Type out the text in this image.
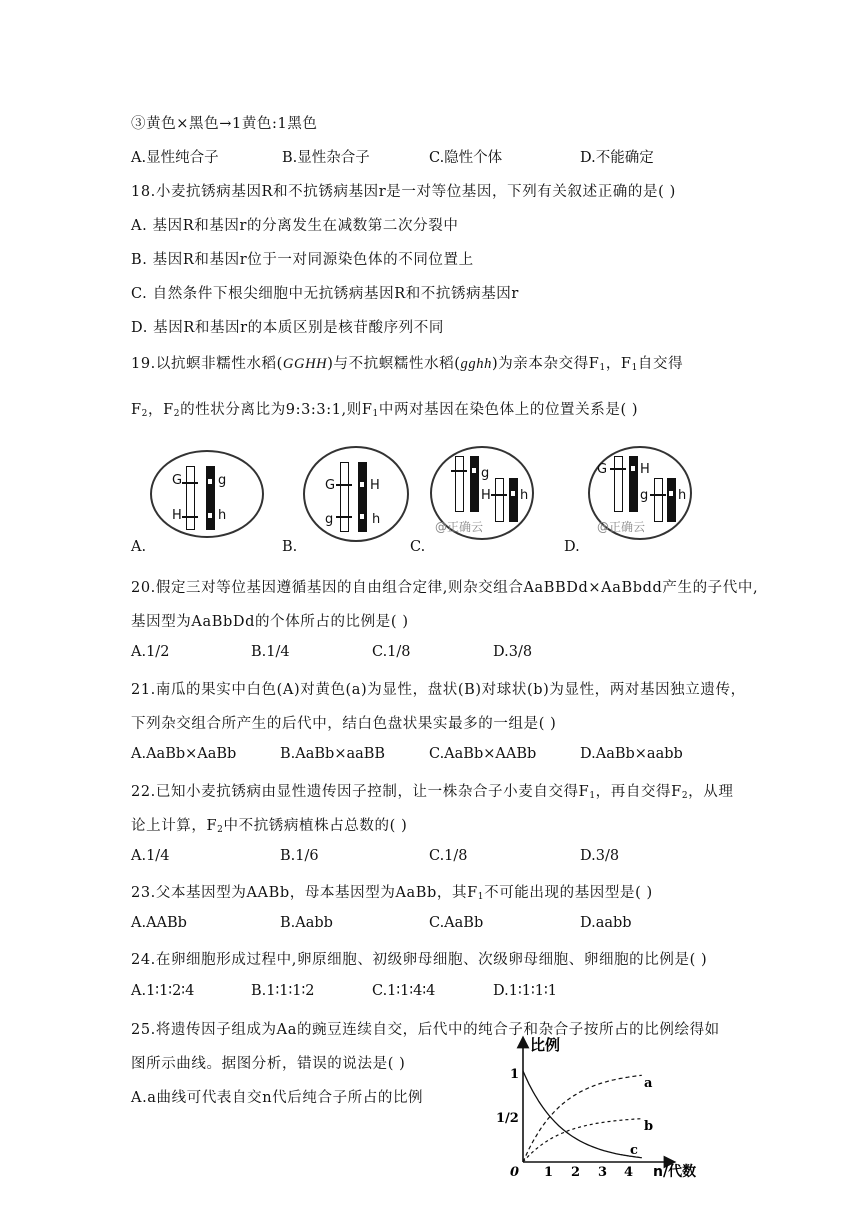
③黄色×黑色→1黄色:1黑色
A.显性纯合子	B.显性杂合子	C.隐性个体	D.不能确定
18.小麦抗锈病基因R和不抗锈病基因r是一对等位基因，下列有关叙述正确的是( )
A. 基因R和基因r的分离发生在减数第二次分裂中
B. 基因R和基因r位于一对同源染色体的不同位置上
C. 自然条件下根尖细胞中无抗锈病基因R和不抗锈病基因r
D. 基因R和基因r的本质区别是核苷酸序列不同
19.以抗螟非糯性水稻(GGHH)与不抗螟糯性水稻(gghh)为亲本杂交得$F_1$，$F_1$自交得
$F_2$，$F_2$的性状分离比为9:3:3:1,则$F_1$中两对基因在染色体上的位置关系是( )
G
H
g
h
A.
G
g
H
h
B.
g
H h
@正确云
C.
G	H
g h
@正确云
D.
20.假定三对等位基因遵循基因的自由组合定律,则杂交组合AaBBDd×AaBbdd产生的子代中,
基因型为AaBbDd的个体所占的比例是( )
A.1/2	B.1/4	C.1/8	D.3/8
21.南瓜的果实中白色(A)对黄色(a)为显性，盘状(B)对球状(b)为显性，两对基因独立遗传，
下列杂交组合所产生的后代中，结白色盘状果实最多的一组是( )
A.AaBb×AaBb	B.AaBb×aaBB	C.AaBb×AABb	D.AaBb×aabb
22.已知小麦抗锈病由显性遗传因子控制，让一株杂合子小麦自交得$F_1$，再自交得$F_2$，从理
论上计算，$F_2$中不抗锈病植株占总数的( )
A.1/4	B.1/6	C.1/8	D.3/8
23.父本基因型为AABb，母本基因型为AaBb，其$F_1$不可能出现的基因型是( )
A.AABb	B.Aabb	C.AaBb	D.aabb
24.在卵细胞形成过程中,卵原细胞、初级卵母细胞、次级卵母细胞、卵细胞的比例是( )
A.1∶1∶2∶4	B.1∶1∶1∶2	C.1∶1∶4∶4	D.1∶1∶1∶1
25.将遗传因子组成为Aa的豌豆连续自交，后代中的纯合子和杂合子按所占的比例绘得如
图所示曲线。据图分析，错误的说法是( )
A.a曲线可代表自交n代后纯合子所占的比例
比例
n/代数
1
1/2
0 1 2 3 4
a
b
c
